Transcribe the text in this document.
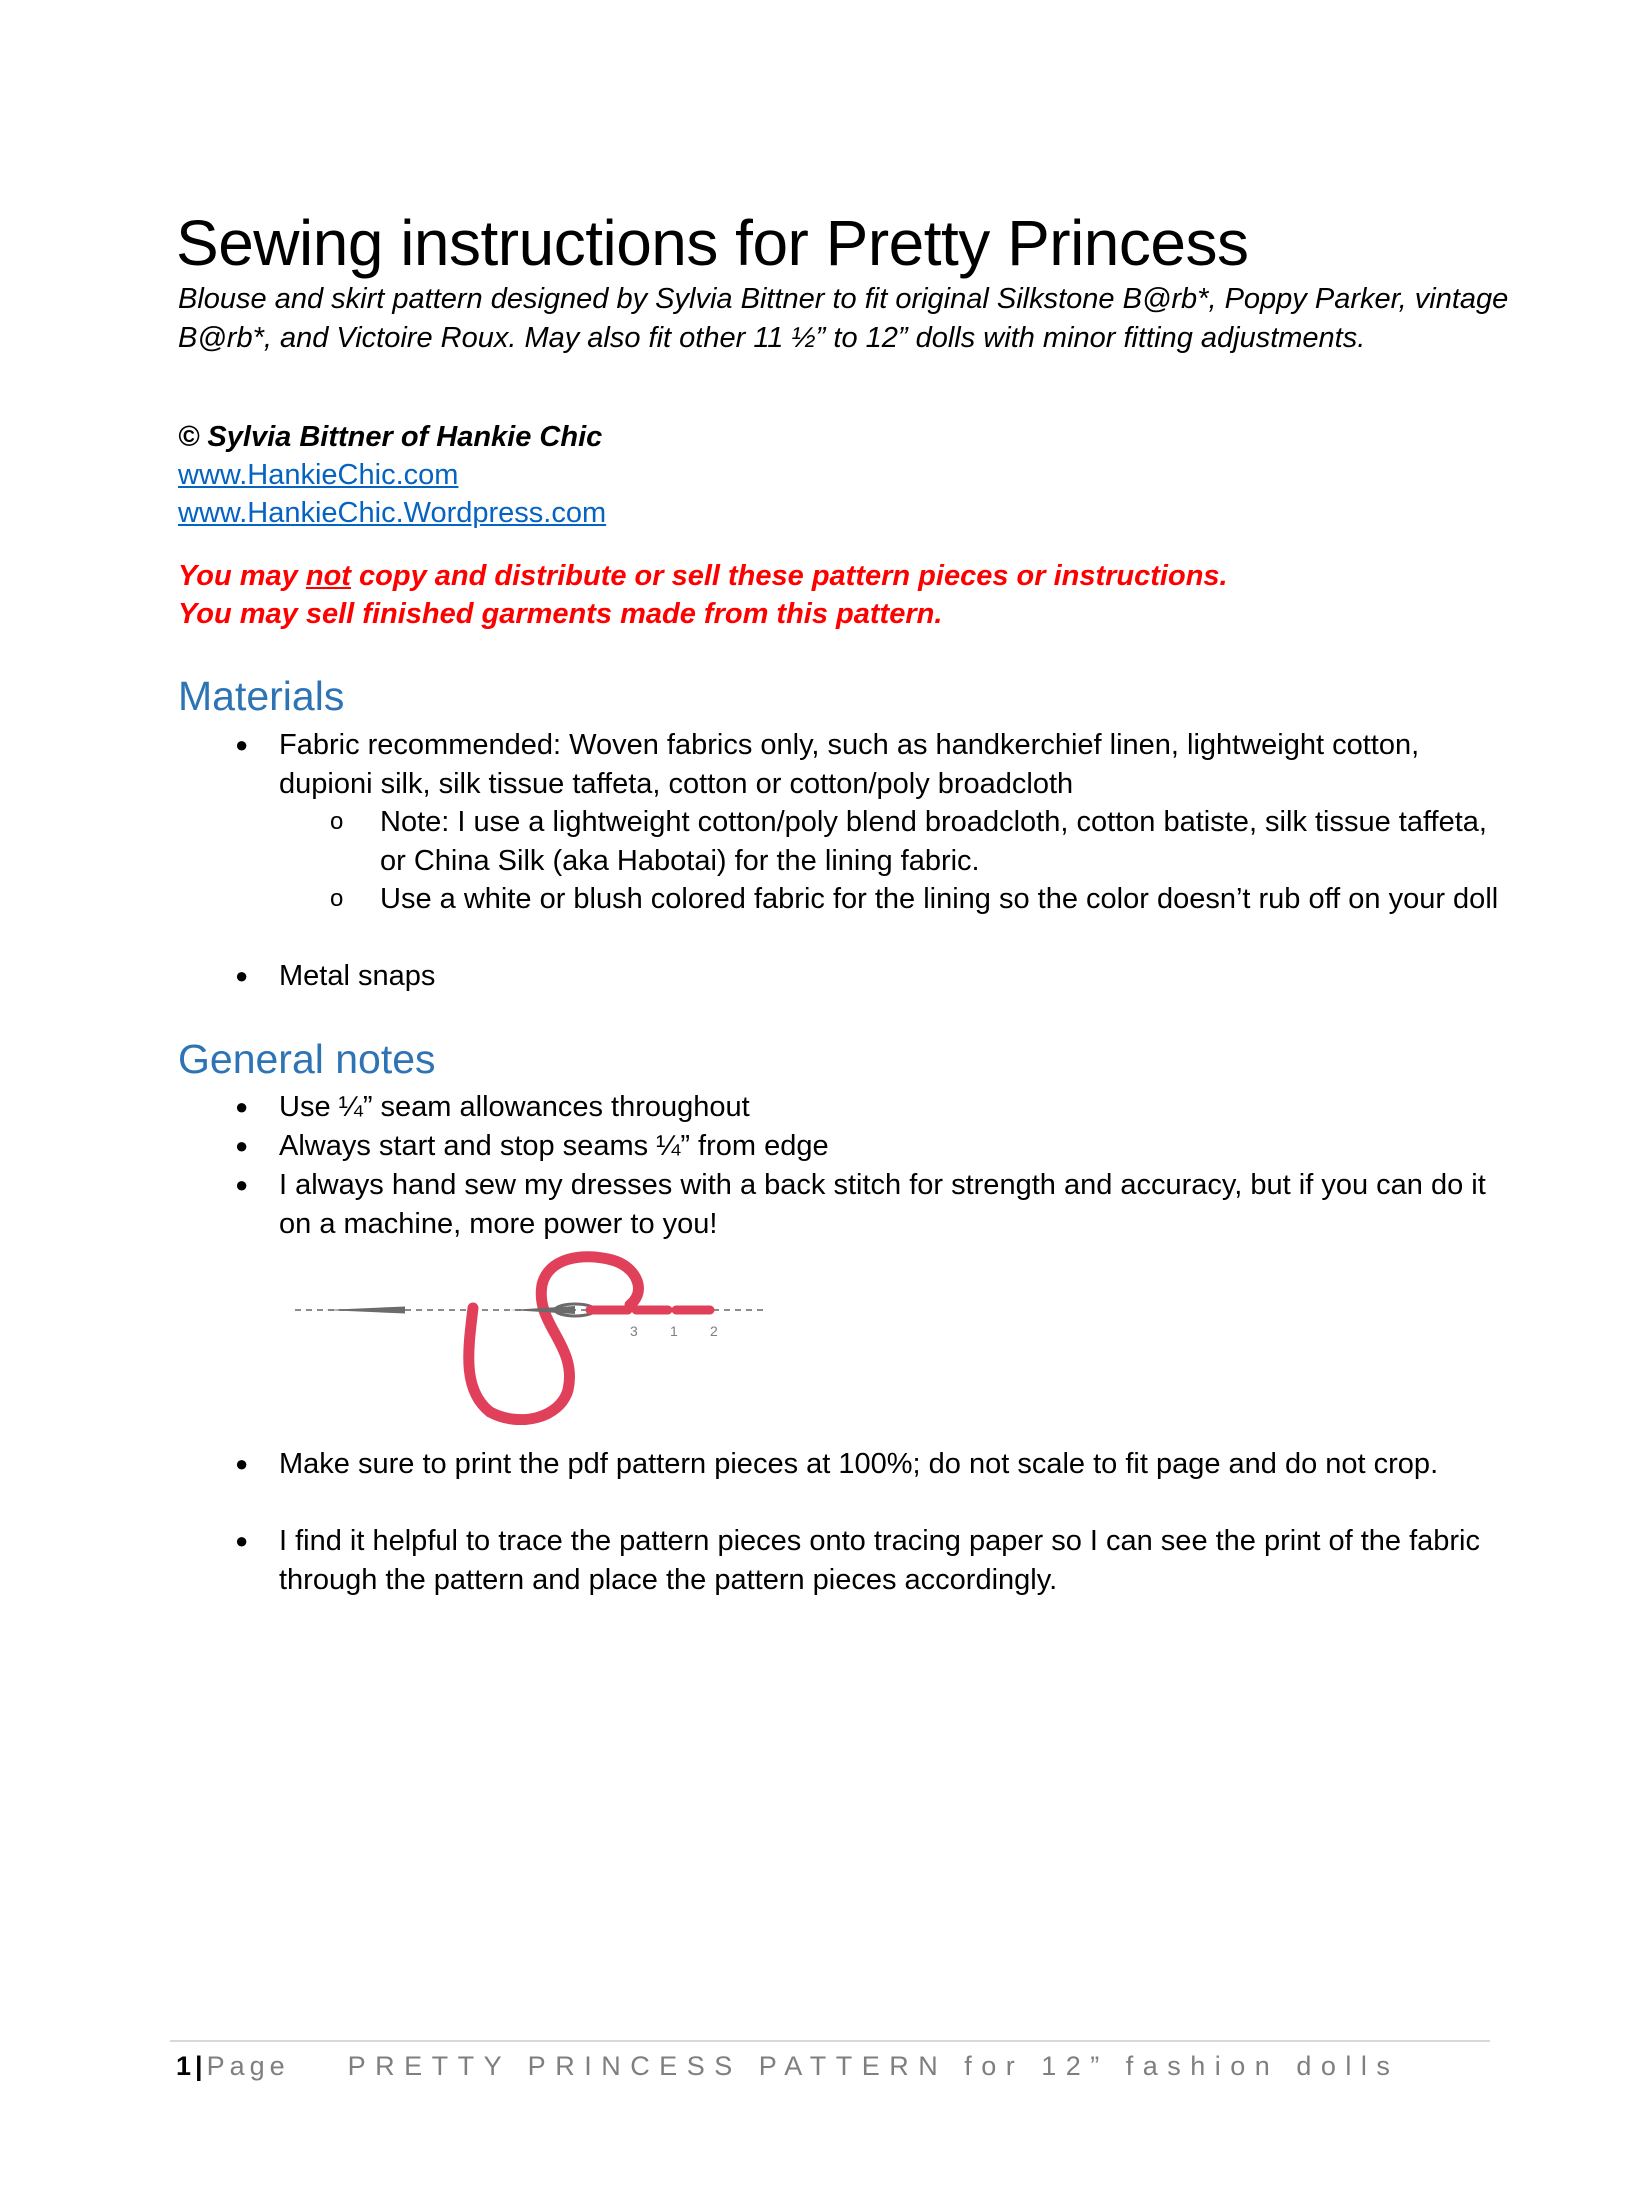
Sewing instructions for Pretty Princess

Blouse and skirt pattern designed by Sylvia Bittner to fit original Silkstone B@rb*, Poppy Parker, vintage B@rb*, and Victoire Roux. May also fit other 11 ½” to 12” dolls with minor fitting adjustments.

© Sylvia Bittner of Hankie Chic
www.HankieChic.com
www.HankieChic.Wordpress.com
You may not copy and distribute or sell these pattern pieces or instructions.
You may sell finished garments made from this pattern.
Materials
● Fabric recommended: Woven fabrics only, such as handkerchief linen, lightweight cotton, dupioni silk, silk tissue taffeta, cotton or cotton/poly broadcloth
o Note: I use a lightweight cotton/poly blend broadcloth, cotton batiste, silk tissue taffeta, or China Silk (aka Habotai) for the lining fabric.
o Use a white or blush colored fabric for the lining so the color doesn’t rub off on your doll
● Metal snaps
General notes
● Use ¼” seam allowances throughout
● Always start and stop seams ¼” from edge
● I always hand sew my dresses with a back stitch for strength and accuracy, but if you can do it on a machine, more power to you!
3 1 2
● Make sure to print the pdf pattern pieces at 100%; do not scale to fit page and do not crop.
● I find it helpful to trace the pattern pieces onto tracing paper so I can see the print of the fabric through the pattern and place the pattern pieces accordingly.
1 | Page PRETTY PRINCESS PATTERN for 12” fashion dolls
